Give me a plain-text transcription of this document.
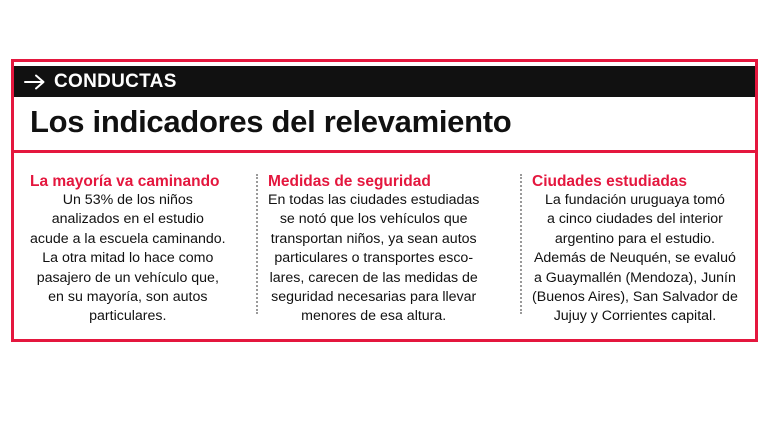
CONDUCTAS
Los indicadores del relevamiento
La mayoría va caminando
Un 53% de los niños
analizados en el estudio
acude a la escuela caminando.
La otra mitad lo hace como
pasajero de un vehículo que,
en su mayoría, son autos
particulares.
Medidas de seguridad
En todas las ciudades estudiadas
se notó que los vehículos que
transportan niños, ya sean autos
particulares o transportes esco-
lares, carecen de las medidas de
seguridad necesarias para llevar
menores de esa altura.
Ciudades estudiadas
La fundación uruguaya tomó
a cinco ciudades del interior
argentino para el estudio.
Además de Neuquén, se evaluó
a Guaymallén (Mendoza), Junín
(Buenos Aires), San Salvador de
Jujuy y Corrientes capital.
